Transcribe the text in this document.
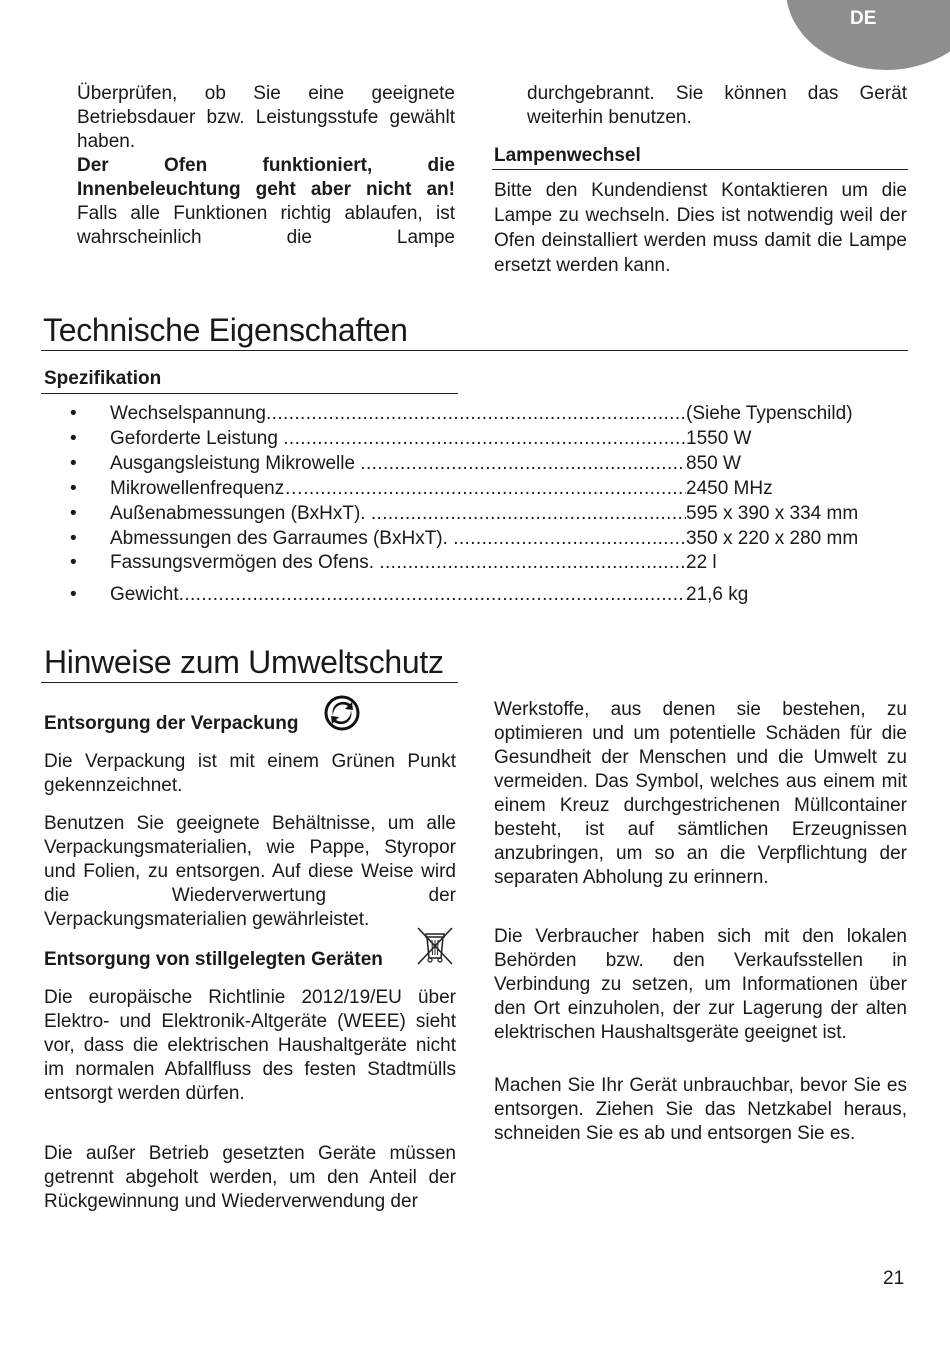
DE

Überprüfen, ob Sie eine geeignete Betriebsdauer bzw. Leistungsstufe gewählt haben.

Der Ofen funktioniert, die Innenbeleuchtung geht aber nicht an!

Falls alle Funktionen richtig ablaufen, ist wahrscheinlich die Lampe

durchgebrannt. Sie können das Gerät weiterhin benutzen.

Lampenwechsel

Bitte den Kundendienst Kontaktieren um die Lampe zu wechseln. Dies ist notwendig weil der Ofen deinstalliert werden muss damit die Lampe ersetzt werden kann.

Technische Eigenschaften
Spezifikation
• Wechselspannung .....	(Siehe Typenschild)
• Geforderte Leistung .....	1550 W
• Ausgangsleistung Mikrowelle .....	850 W
• Mikrowellenfrequenz… .....	2450 MHz
• Außenabmessungen (BxHxT). .....	595 x 390 x 334 mm
• Abmessungen des Garraumes (BxHxT). .....	350 x 220 x 280 mm
• Fassungsvermögen des Ofens. .....	22 l
• Gewicht .....	21,6 kg
Hinweise zum Umweltschutz
Entsorgung der Verpackung

Die Verpackung ist mit einem Grünen Punkt gekennzeichnet.

Benutzen Sie geeignete Behältnisse, um alle Verpackungsmaterialien, wie Pappe, Styropor und Folien, zu entsorgen. Auf diese Weise wird die Wiederverwertung der Verpackungsmaterialien gewährleistet.

Entsorgung von stillgelegten Geräten

Die europäische Richtlinie 2012/19/EU über Elektro- und Elektronik-Altgeräte (WEEE) sieht vor, dass die elektrischen Haushaltgeräte nicht im normalen Abfallfluss des festen Stadtmülls entsorgt werden dürfen.

Die außer Betrieb gesetzten Geräte müssen getrennt abgeholt werden, um den Anteil der Rückgewinnung und Wiederverwendung der

Werkstoffe, aus denen sie bestehen, zu optimieren und um potentielle Schäden für die Gesundheit der Menschen und die Umwelt zu vermeiden. Das Symbol, welches aus einem mit einem Kreuz durchgestrichenen Müllcontainer besteht, ist auf sämtlichen Erzeugnissen anzubringen, um so an die Verpflichtung der separaten Abholung zu erinnern.

Die Verbraucher haben sich mit den lokalen Behörden bzw. den Verkaufsstellen in Verbindung zu setzen, um Informationen über den Ort einzuholen, der zur Lagerung der alten elektrischen Haushaltsgeräte geeignet ist.

Machen Sie Ihr Gerät unbrauchbar, bevor Sie es entsorgen. Ziehen Sie das Netzkabel heraus, schneiden Sie es ab und entsorgen Sie es.

21
